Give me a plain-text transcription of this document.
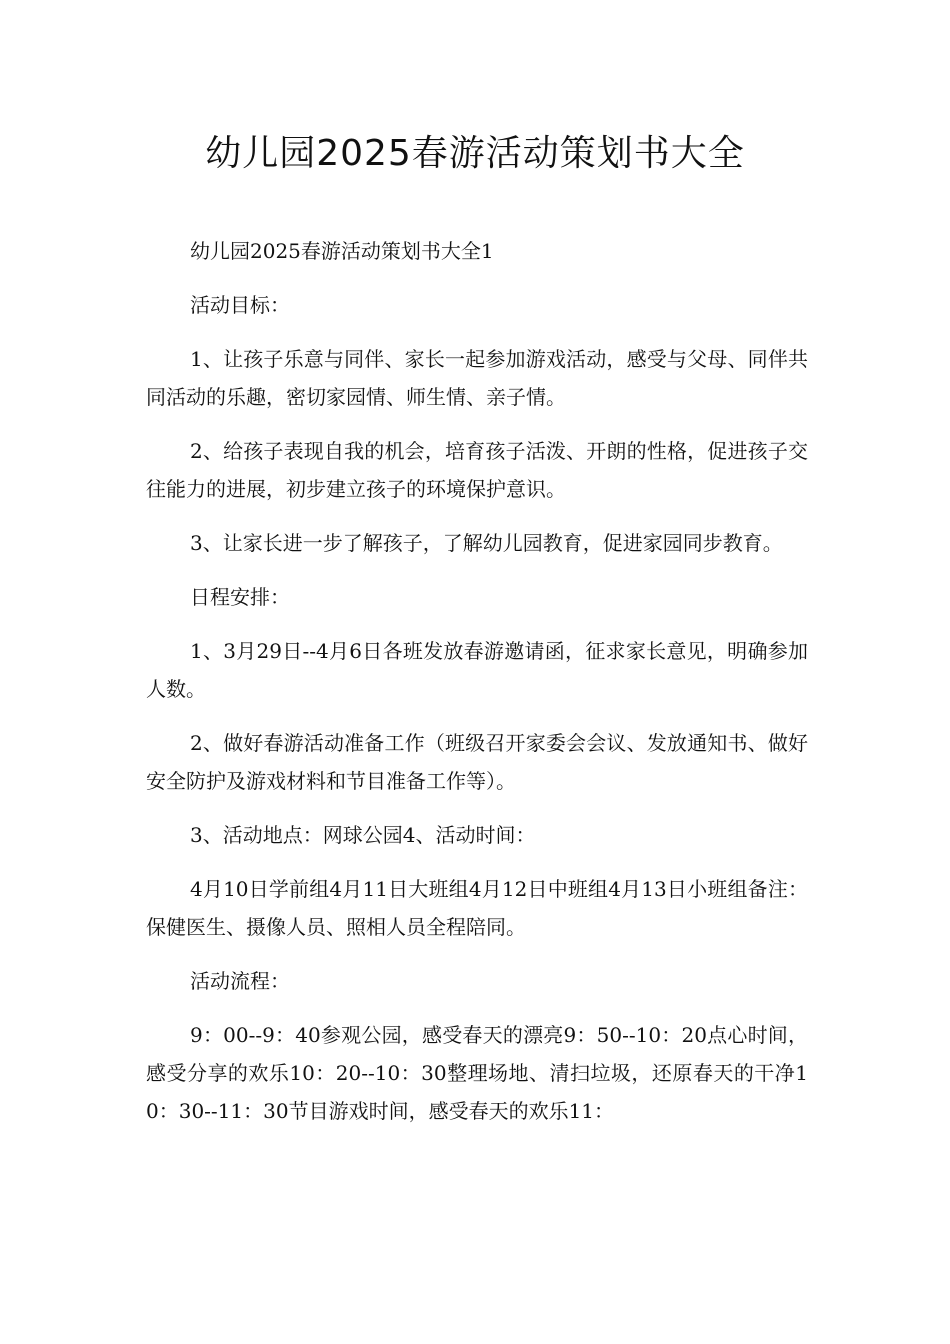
幼儿园2025春游活动策划书大全

幼儿园2025春游活动策划书大全1

活动目标：

1、让孩子乐意与同伴、家长一起参加游戏活动，感受与父母、同伴共同活动的乐趣，密切家园情、师生情、亲子情。

2、给孩子表现自我的机会，培育孩子活泼、开朗的性格，促进孩子交往能力的进展，初步建立孩子的环境保护意识。

3、让家长进一步了解孩子，了解幼儿园教育，促进家园同步教育。

日程安排：

1、3月29日--4月6日各班发放春游邀请函，征求家长意见，明确参加人数。

2、做好春游活动准备工作（班级召开家委会会议、发放通知书、做好安全防护及游戏材料和节目准备工作等）。

3、活动地点：网球公园4、活动时间：

4月10日学前组4月11日大班组4月12日中班组4月13日小班组备注：保健医生、摄像人员、照相人员全程陪同。

活动流程：

9：00--9：40参观公园，感受春天的漂亮9：50--10：20点心时间，感受分享的欢乐10：20--10：30整理场地、清扫垃圾，还原春天的干净10：30--11：30节目游戏时间，感受春天的欢乐11：
